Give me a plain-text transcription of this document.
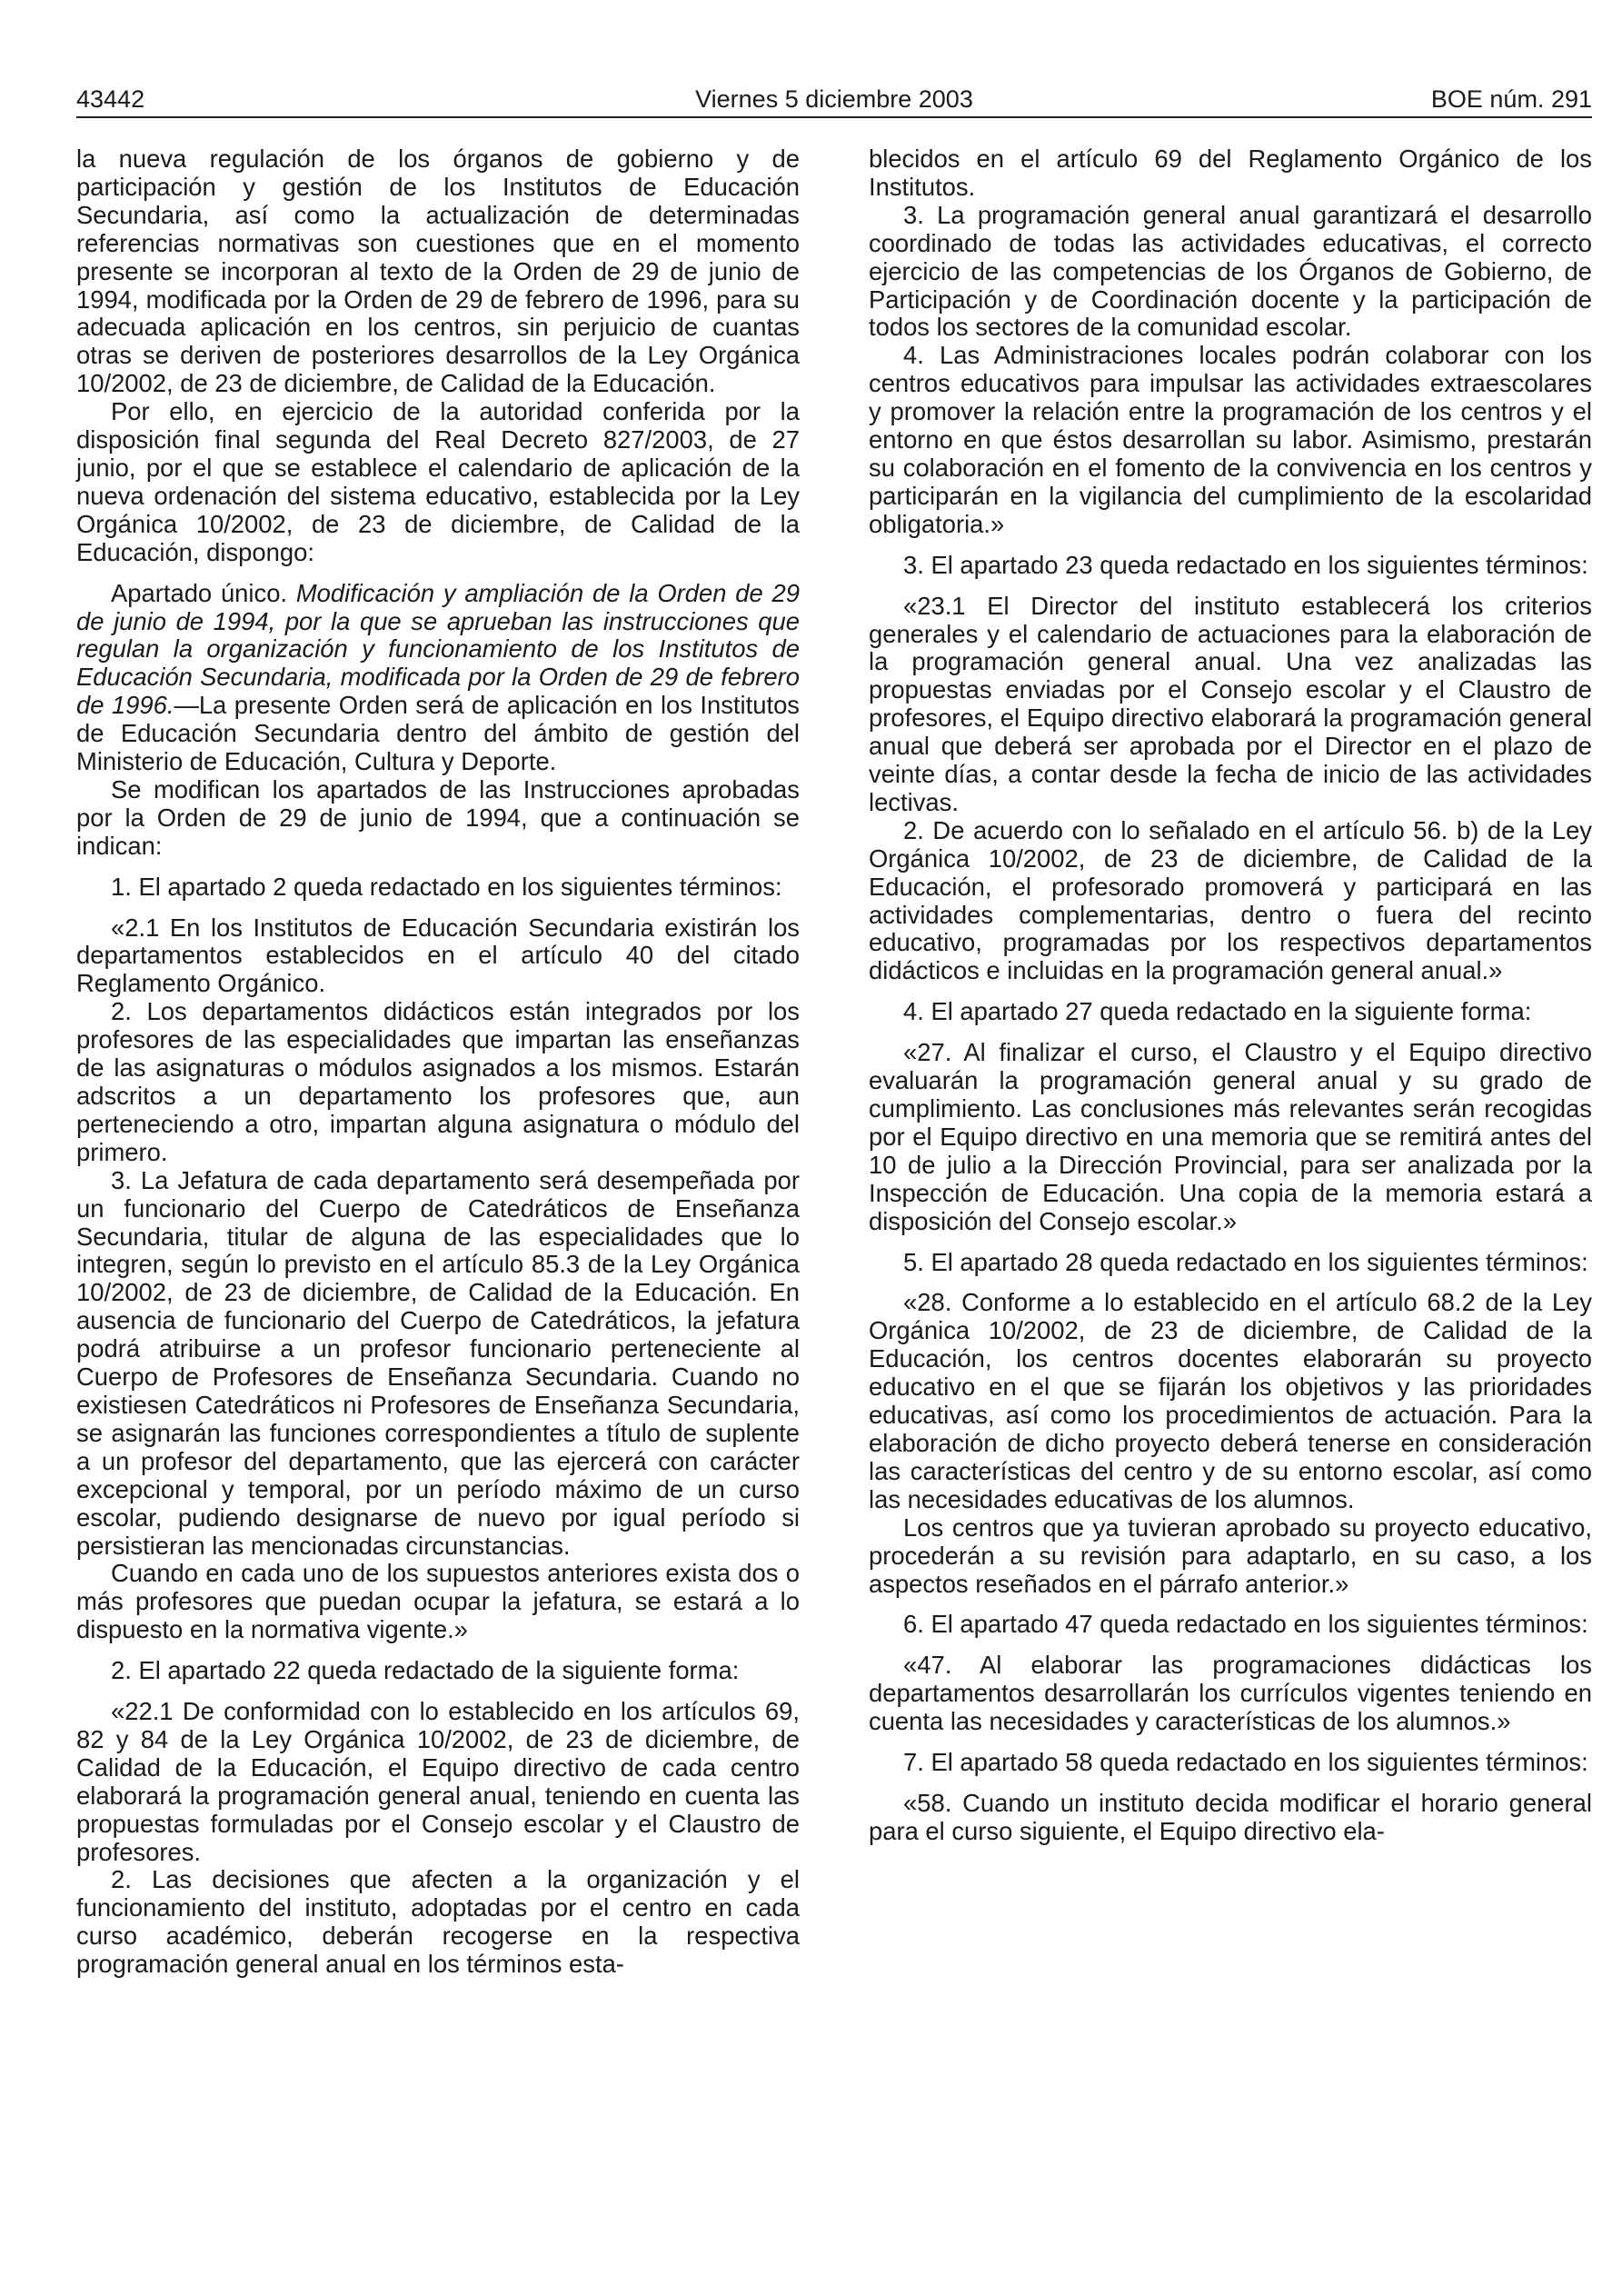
43442	Viernes 5 diciembre 2003	BOE núm. 291

la nueva regulación de los órganos de gobierno y de participación y gestión de los Institutos de Educación Secundaria, así como la actualización de determinadas referencias normativas son cuestiones que en el momento presente se incorporan al texto de la Orden de 29 de junio de 1994, modificada por la Orden de 29 de febrero de 1996, para su adecuada aplicación en los centros, sin perjuicio de cuantas otras se deriven de posteriores desarrollos de la Ley Orgánica 10/2002, de 23 de diciembre, de Calidad de la Educación.

Por ello, en ejercicio de la autoridad conferida por la disposición final segunda del Real Decreto 827/2003, de 27 junio, por el que se establece el calendario de aplicación de la nueva ordenación del sistema educativo, establecida por la Ley Orgánica 10/2002, de 23 de diciembre, de Calidad de la Educación, dispongo:

Apartado único. Modificación y ampliación de la Orden de 29 de junio de 1994, por la que se aprueban las instrucciones que regulan la organización y funcionamiento de los Institutos de Educación Secundaria, modificada por la Orden de 29 de febrero de 1996.—La presente Orden será de aplicación en los Institutos de Educación Secundaria dentro del ámbito de gestión del Ministerio de Educación, Cultura y Deporte.

Se modifican los apartados de las Instrucciones aprobadas por la Orden de 29 de junio de 1994, que a continuación se indican:

1. El apartado 2 queda redactado en los siguientes términos:

«2.1 En los Institutos de Educación Secundaria existirán los departamentos establecidos en el artículo 40 del citado Reglamento Orgánico.

2. Los departamentos didácticos están integrados por los profesores de las especialidades que impartan las enseñanzas de las asignaturas o módulos asignados a los mismos. Estarán adscritos a un departamento los profesores que, aun perteneciendo a otro, impartan alguna asignatura o módulo del primero.

3. La Jefatura de cada departamento será desempeñada por un funcionario del Cuerpo de Catedráticos de Enseñanza Secundaria, titular de alguna de las especialidades que lo integren, según lo previsto en el artículo 85.3 de la Ley Orgánica 10/2002, de 23 de diciembre, de Calidad de la Educación. En ausencia de funcionario del Cuerpo de Catedráticos, la jefatura podrá atribuirse a un profesor funcionario perteneciente al Cuerpo de Profesores de Enseñanza Secundaria. Cuando no existiesen Catedráticos ni Profesores de Enseñanza Secundaria, se asignarán las funciones correspondientes a título de suplente a un profesor del departamento, que las ejercerá con carácter excepcional y temporal, por un período máximo de un curso escolar, pudiendo designarse de nuevo por igual período si persistieran las mencionadas circunstancias.

Cuando en cada uno de los supuestos anteriores exista dos o más profesores que puedan ocupar la jefatura, se estará a lo dispuesto en la normativa vigente.»

2. El apartado 22 queda redactado de la siguiente forma:

«22.1 De conformidad con lo establecido en los artículos 69, 82 y 84 de la Ley Orgánica 10/2002, de 23 de diciembre, de Calidad de la Educación, el Equipo directivo de cada centro elaborará la programación general anual, teniendo en cuenta las propuestas formuladas por el Consejo escolar y el Claustro de profesores.

2. Las decisiones que afecten a la organización y el funcionamiento del instituto, adoptadas por el centro en cada curso académico, deberán recogerse en la respectiva programación general anual en los términos esta-

blecidos en el artículo 69 del Reglamento Orgánico de los Institutos.

3. La programación general anual garantizará el desarrollo coordinado de todas las actividades educativas, el correcto ejercicio de las competencias de los Órganos de Gobierno, de Participación y de Coordinación docente y la participación de todos los sectores de la comunidad escolar.

4. Las Administraciones locales podrán colaborar con los centros educativos para impulsar las actividades extraescolares y promover la relación entre la programación de los centros y el entorno en que éstos desarrollan su labor. Asimismo, prestarán su colaboración en el fomento de la convivencia en los centros y participarán en la vigilancia del cumplimiento de la escolaridad obligatoria.»

3. El apartado 23 queda redactado en los siguientes términos:

«23.1 El Director del instituto establecerá los criterios generales y el calendario de actuaciones para la elaboración de la programación general anual. Una vez analizadas las propuestas enviadas por el Consejo escolar y el Claustro de profesores, el Equipo directivo elaborará la programación general anual que deberá ser aprobada por el Director en el plazo de veinte días, a contar desde la fecha de inicio de las actividades lectivas.

2. De acuerdo con lo señalado en el artículo 56. b) de la Ley Orgánica 10/2002, de 23 de diciembre, de Calidad de la Educación, el profesorado promoverá y participará en las actividades complementarias, dentro o fuera del recinto educativo, programadas por los respectivos departamentos didácticos e incluidas en la programación general anual.»

4. El apartado 27 queda redactado en la siguiente forma:

«27. Al finalizar el curso, el Claustro y el Equipo directivo evaluarán la programación general anual y su grado de cumplimiento. Las conclusiones más relevantes serán recogidas por el Equipo directivo en una memoria que se remitirá antes del 10 de julio a la Dirección Provincial, para ser analizada por la Inspección de Educación. Una copia de la memoria estará a disposición del Consejo escolar.»

5. El apartado 28 queda redactado en los siguientes términos:

«28. Conforme a lo establecido en el artículo 68.2 de la Ley Orgánica 10/2002, de 23 de diciembre, de Calidad de la Educación, los centros docentes elaborarán su proyecto educativo en el que se fijarán los objetivos y las prioridades educativas, así como los procedimientos de actuación. Para la elaboración de dicho proyecto deberá tenerse en consideración las características del centro y de su entorno escolar, así como las necesidades educativas de los alumnos.

Los centros que ya tuvieran aprobado su proyecto educativo, procederán a su revisión para adaptarlo, en su caso, a los aspectos reseñados en el párrafo anterior.»

6. El apartado 47 queda redactado en los siguientes términos:

«47. Al elaborar las programaciones didácticas los departamentos desarrollarán los currículos vigentes teniendo en cuenta las necesidades y características de los alumnos.»

7. El apartado 58 queda redactado en los siguientes términos:

«58. Cuando un instituto decida modificar el horario general para el curso siguiente, el Equipo directivo ela-
